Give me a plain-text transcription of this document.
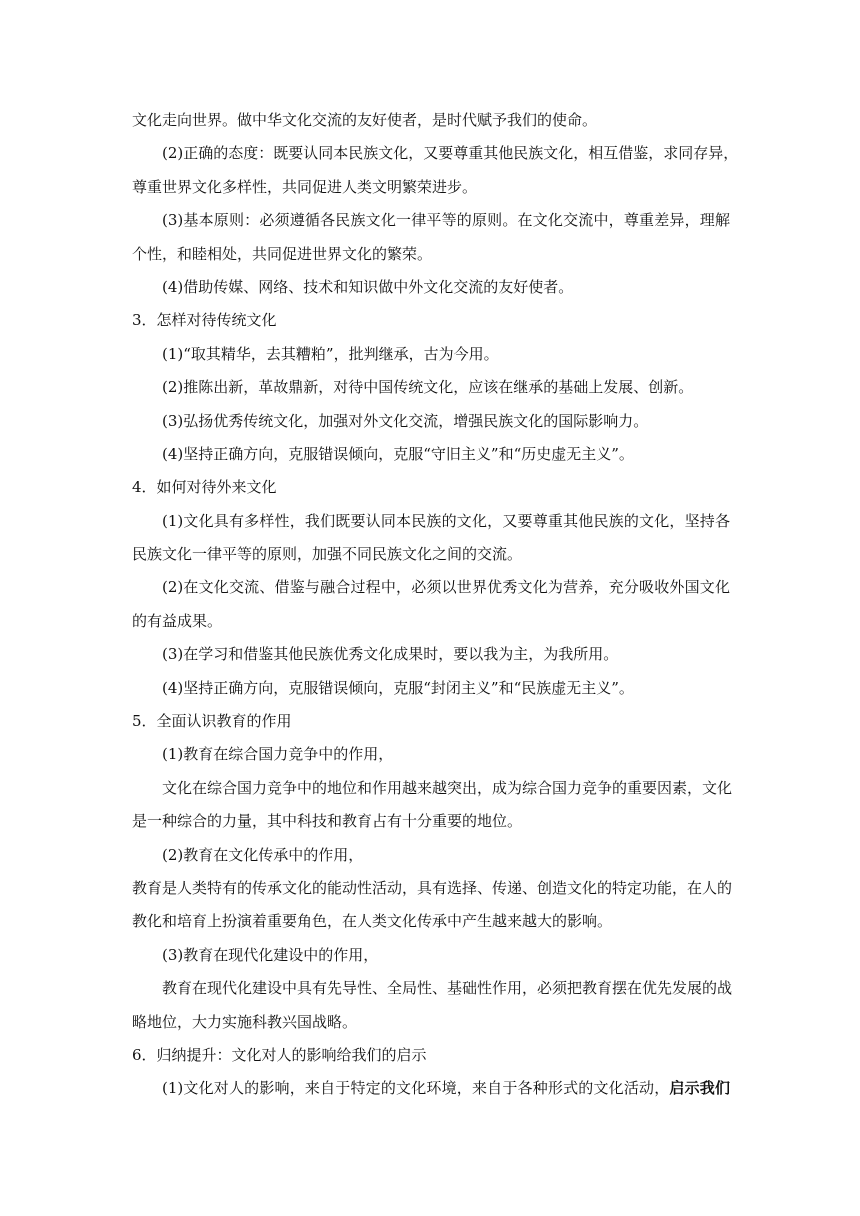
文化走向世界。做中华文化交流的友好使者，是时代赋予我们的使命。
(2)正确的态度：既要认同本民族文化，又要尊重其他民族文化，相互借鉴，求同存异，
尊重世界文化多样性，共同促进人类文明繁荣进步。
(3)基本原则：必须遵循各民族文化一律平等的原则。在文化交流中，尊重差异，理解
个性，和睦相处，共同促进世界文化的繁荣。
(4)借助传媒、网络、技术和知识做中外文化交流的友好使者。
3．怎样对待传统文化
(1)“取其精华，去其糟粕”，批判继承，古为今用。
(2)推陈出新，革故鼎新，对待中国传统文化，应该在继承的基础上发展、创新。
(3)弘扬优秀传统文化，加强对外文化交流，增强民族文化的国际影响力。
(4)坚持正确方向，克服错误倾向，克服“守旧主义”和“历史虚无主义”。
4．如何对待外来文化
(1)文化具有多样性，我们既要认同本民族的文化，又要尊重其他民族的文化，坚持各
民族文化一律平等的原则，加强不同民族文化之间的交流。
(2)在文化交流、借鉴与融合过程中，必须以世界优秀文化为营养，充分吸收外国文化
的有益成果。
(3)在学习和借鉴其他民族优秀文化成果时，要以我为主，为我所用。
(4)坚持正确方向，克服错误倾向，克服“封闭主义”和“民族虚无主义”。
5．全面认识教育的作用
(1)教育在综合国力竞争中的作用，
文化在综合国力竞争中的地位和作用越来越突出，成为综合国力竞争的重要因素，文化
是一种综合的力量，其中科技和教育占有十分重要的地位。
(2)教育在文化传承中的作用，
教育是人类特有的传承文化的能动性活动，具有选择、传递、创造文化的特定功能，在人的
教化和培育上扮演着重要角色，在人类文化传承中产生越来越大的影响。
(3)教育在现代化建设中的作用，
教育在现代化建设中具有先导性、全局性、基础性作用，必须把教育摆在优先发展的战
略地位，大力实施科教兴国战略。
6．归纳提升：文化对人的影响给我们的启示
(1)文化对人的影响，来自于特定的文化环境，来自于各种形式的文化活动，启示我们
